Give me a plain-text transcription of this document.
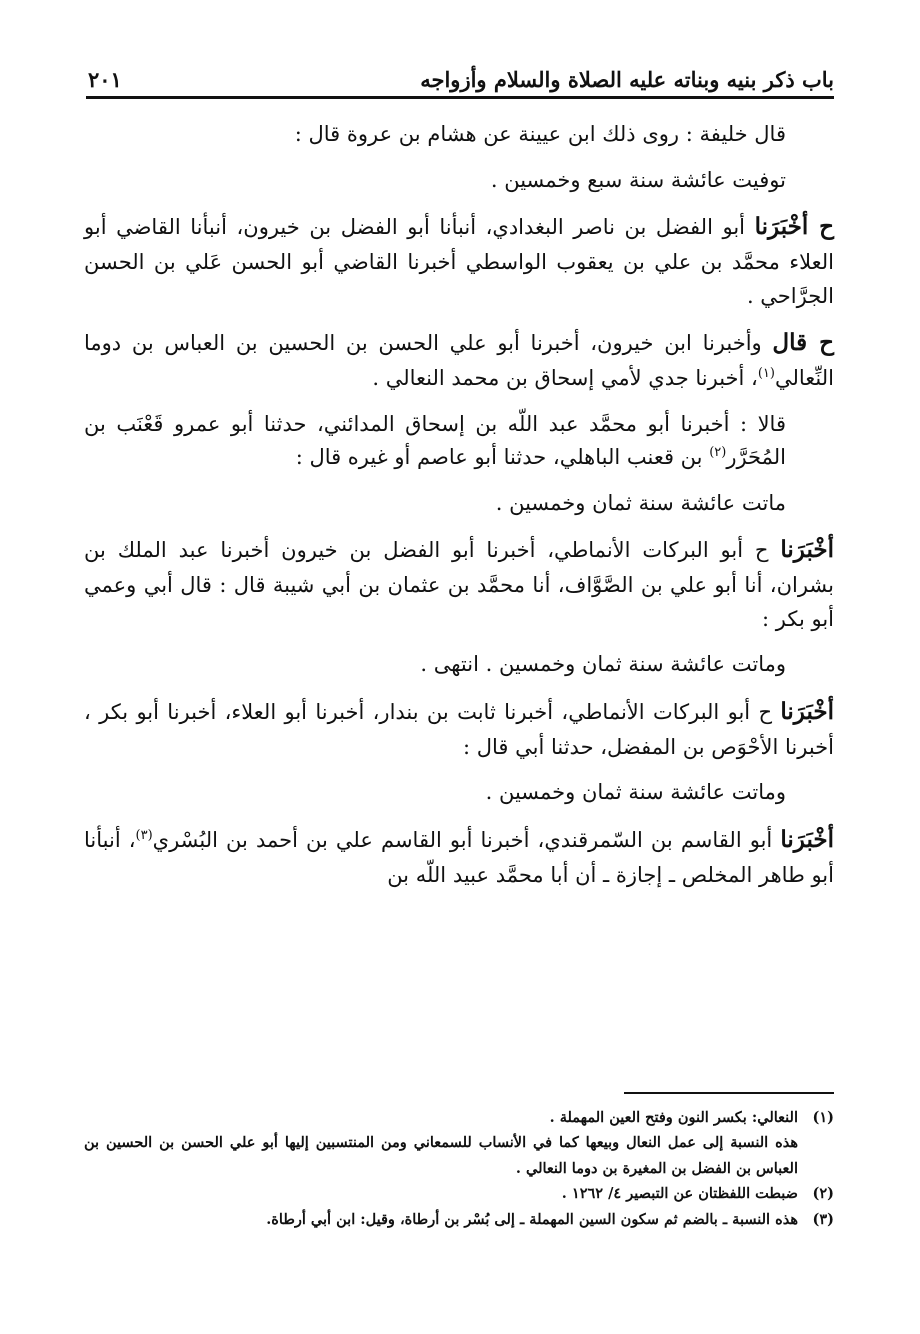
باب ذكر بنيه وبناته عليه الصلاة والسلام وأزواجه
٢٠١

قال خليفة : روى ذلك ابن عيينة عن هشام بن عروة قال :

توفيت عائشة سنة سبع وخمسين .

ح أخْبَرَنا أبو الفضل بن ناصر البغدادي، أنبأنا أبو الفضل بن خيرون، أنبأنا القاضي أبو العلاء محمَّد بن علي بن يعقوب الواسطي أخبرنا القاضي أبو الحسن عَلي بن الحسن الجرَّاحي .

ح قال وأخبرنا ابن خيرون، أخبرنا أبو علي الحسن بن الحسين بن العباس بن دوما النِّعالي$^{(١)}$، أخبرنا جدي لأمي إسحاق بن محمد النعالي .

قالا : أخبرنا أبو محمَّد عبد اللّه بن إسحاق المدائني، حدثنا أبو عمرو قَعْنَب بن المُحَرَّر$^{(٢)}$ بن قعنب الباهلي، حدثنا أبو عاصم أو غيره قال :

ماتت عائشة سنة ثمان وخمسين .

أخْبَرَنا ح أبو البركات الأنماطي، أخبرنا أبو الفضل بن خيرون أخبرنا عبد الملك بن بشران، أنا أبو علي بن الصَّوَّاف، أنا محمَّد بن عثمان بن أبي شيبة قال : قال أبي وعمي أبو بكر :

وماتت عائشة سنة ثمان وخمسين . انتهى .

أخْبَرَنا ح أبو البركات الأنماطي، أخبرنا ثابت بن بندار، أخبرنا أبو العلاء، أخبرنا أبو بكر ، أخبرنا الأحْوَص بن المفضل، حدثنا أبي قال :

وماتت عائشة سنة ثمان وخمسين .

أخْبَرَنا أبو القاسم بن السّمرقندي، أخبرنا أبو القاسم علي بن أحمد بن البُسْري$^{(٣)}$، أنبأنا أبو طاهر المخلص ـ إجازة ـ أن أبا محمَّد عبيد اللّه بن

(١)
النعالي: بكسر النون وفتح العين المهملة .
هذه النسبة إلى عمل النعال وبيعها كما في الأنساب للسمعاني ومن المنتسبين إليها أبو علي الحسن بن الحسين بن العباس بن الفضل بن المغيرة بن دوما النعالي .
(٢)
ضبطت اللفظتان عن التبصير ٤/ ١٢٦٢ .
(٣)
هذه النسبة ـ بالضم ثم سكون السين المهملة ـ إلى بُسْر بن أرطاة، وقيل: ابن أبي أرطاة.
